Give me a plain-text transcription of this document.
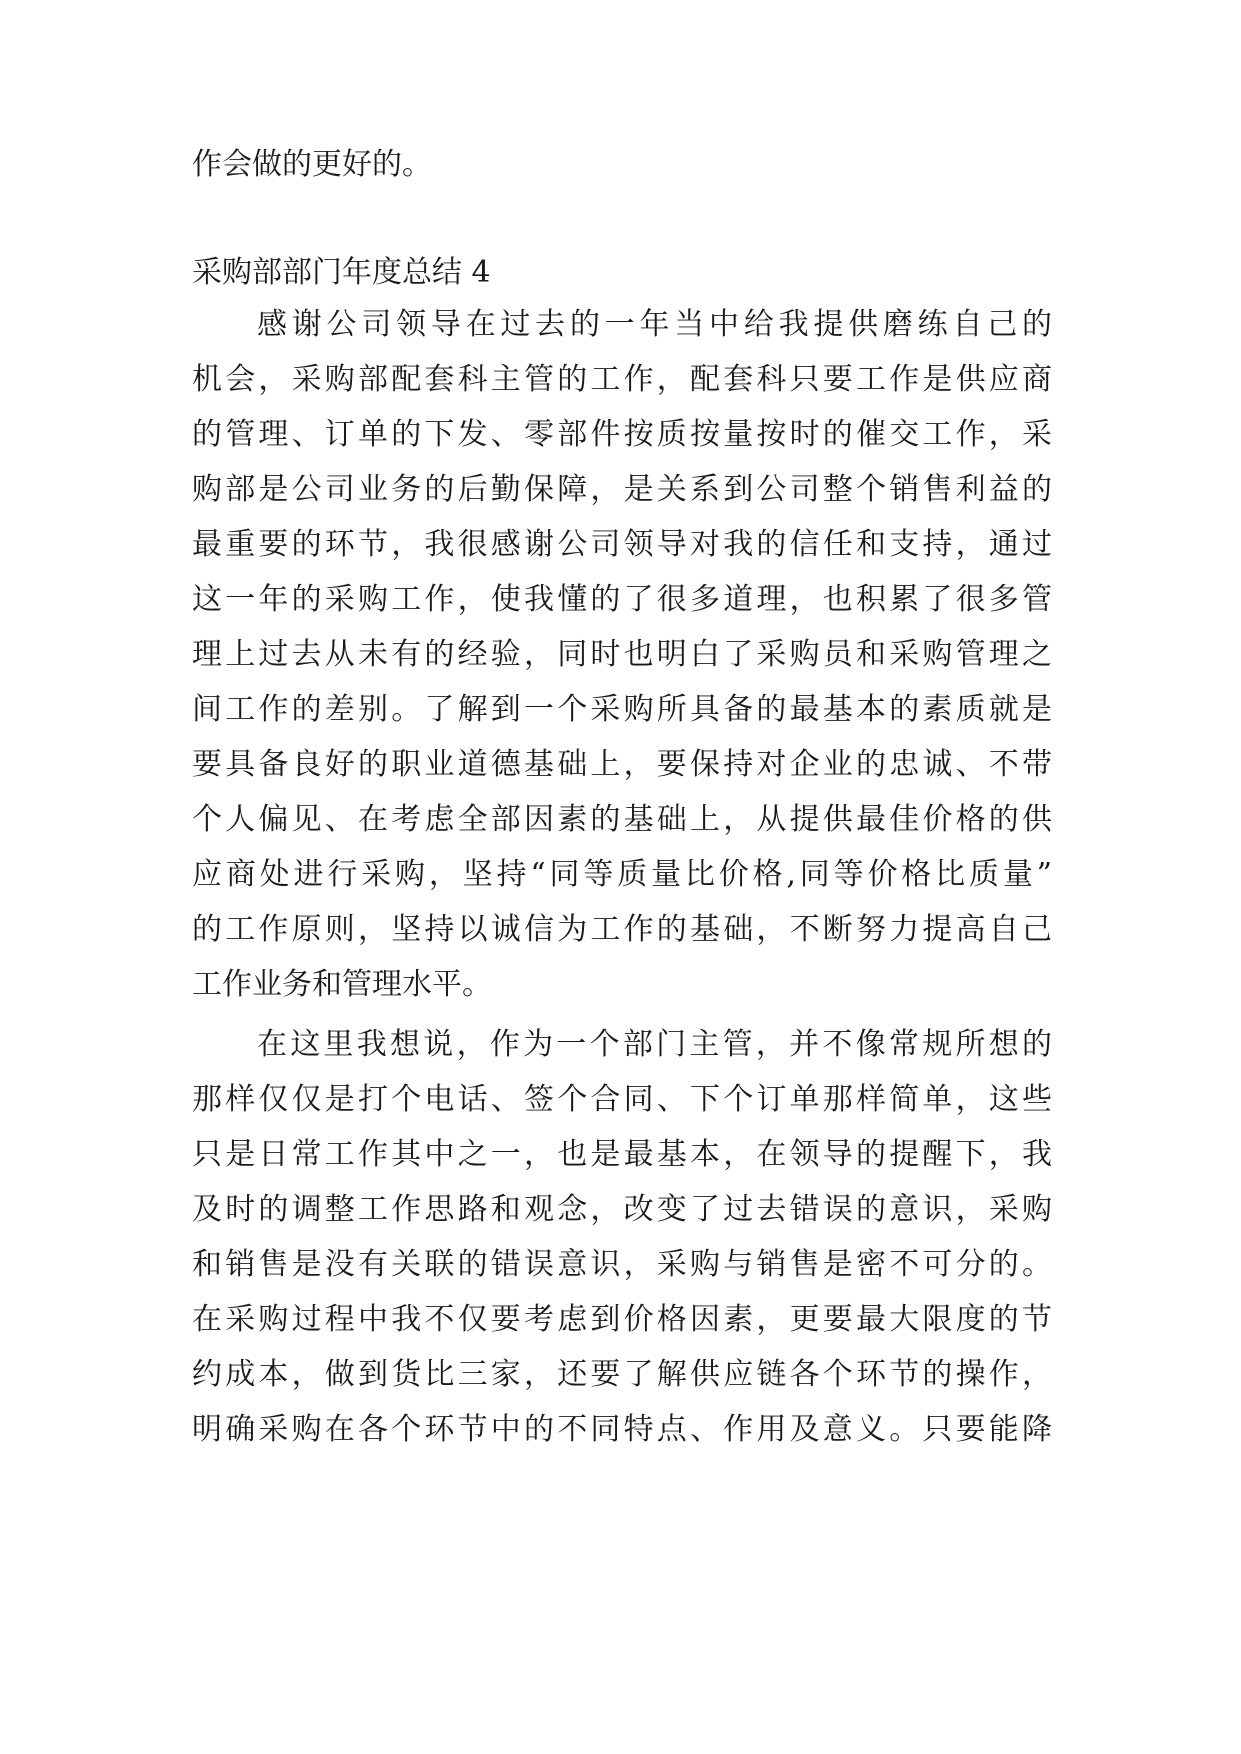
作会做的更好的。
采购部部门年度总结 4
感谢公司领导在过去的一年当中给我提供磨练自己的
机会，采购部配套科主管的工作，配套科只要工作是供应商
的管理、订单的下发、零部件按质按量按时的催交工作，采
购部是公司业务的后勤保障，是关系到公司整个销售利益的
最重要的环节，我很感谢公司领导对我的信任和支持，通过
这一年的采购工作，使我懂的了很多道理，也积累了很多管
理上过去从未有的经验，同时也明白了采购员和采购管理之
间工作的差别。了解到一个采购所具备的最基本的素质就是
要具备良好的职业道德基础上，要保持对企业的忠诚、不带
个人偏见、在考虑全部因素的基础上，从提供最佳价格的供
应商处进行采购，坚持“同等质量比价格,同等价格比质量”
的工作原则，坚持以诚信为工作的基础，不断努力提高自己
工作业务和管理水平。
在这里我想说，作为一个部门主管，并不像常规所想的
那样仅仅是打个电话、签个合同、下个订单那样简单，这些
只是日常工作其中之一，也是最基本，在领导的提醒下，我
及时的调整工作思路和观念，改变了过去错误的意识，采购
和销售是没有关联的错误意识，采购与销售是密不可分的。
在采购过程中我不仅要考虑到价格因素，更要最大限度的节
约成本，做到货比三家，还要了解供应链各个环节的操作，
明确采购在各个环节中的不同特点、作用及意义。只要能降
